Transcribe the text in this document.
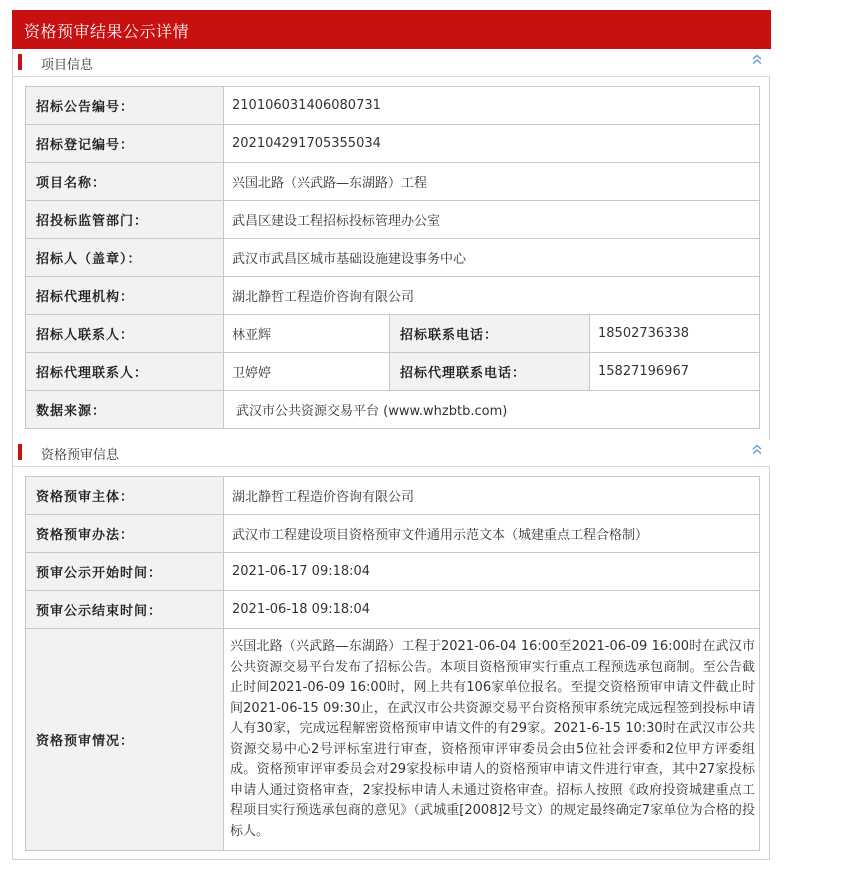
资格预审结果公示详情
项目信息
招标公告编号：	210106031406080731		
招标登记编号：	202104291705355034		
项目名称：	兴国北路（兴武路—东湖路）工程		
招投标监管部门：	武昌区建设工程招标投标管理办公室		
招标人（盖章）：	武汉市武昌区城市基础设施建设事务中心		
招标代理机构：	湖北静哲工程造价咨询有限公司		
招标人联系人：	林亚辉	招标联系电话：	18502736338
招标代理联系人：	卫婷婷	招标代理联系电话：	15827196967
数据来源：	武汉市公共资源交易平台 (www.whzbtb.com)		
资格预审信息
资格预审主体：	湖北静哲工程造价咨询有限公司
资格预审办法：	武汉市工程建设项目资格预审文件通用示范文本（城建重点工程合格制）
预审公示开始时间：	2021-06-17 09:18:04
预审公示结束时间：	2021-06-18 09:18:04
资格预审情况：	兴国北路（兴武路—东湖路）工程于2021-06-04 16:00至2021-06-09 16:00时在武汉市公共资源交易平台发布了招标公告。本项目资格预审实行重点工程预选承包商制。至公告截止时间2021-06-09 16:00时，网上共有106家单位报名。至提交资格预审申请文件截止时间2021-06-15 09:30止，在武汉市公共资源交易平台资格预审系统完成远程签到投标申请人有30家，完成远程解密资格预审申请文件的有29家。2021-6-15 10:30时在武汉市公共资源交易中心2号评标室进行审查，资格预审评审委员会由5位社会评委和2位甲方评委组成。资格预审评审委员会对29家投标申请人的资格预审申请文件进行审查，其中27家投标申请人通过资格审查，2家投标申请人未通过资格审查。招标人按照《政府投资城建重点工程项目实行预选承包商的意见》（武城重[2008]2号文）的规定最终确定7家单位为合格的投标人。
